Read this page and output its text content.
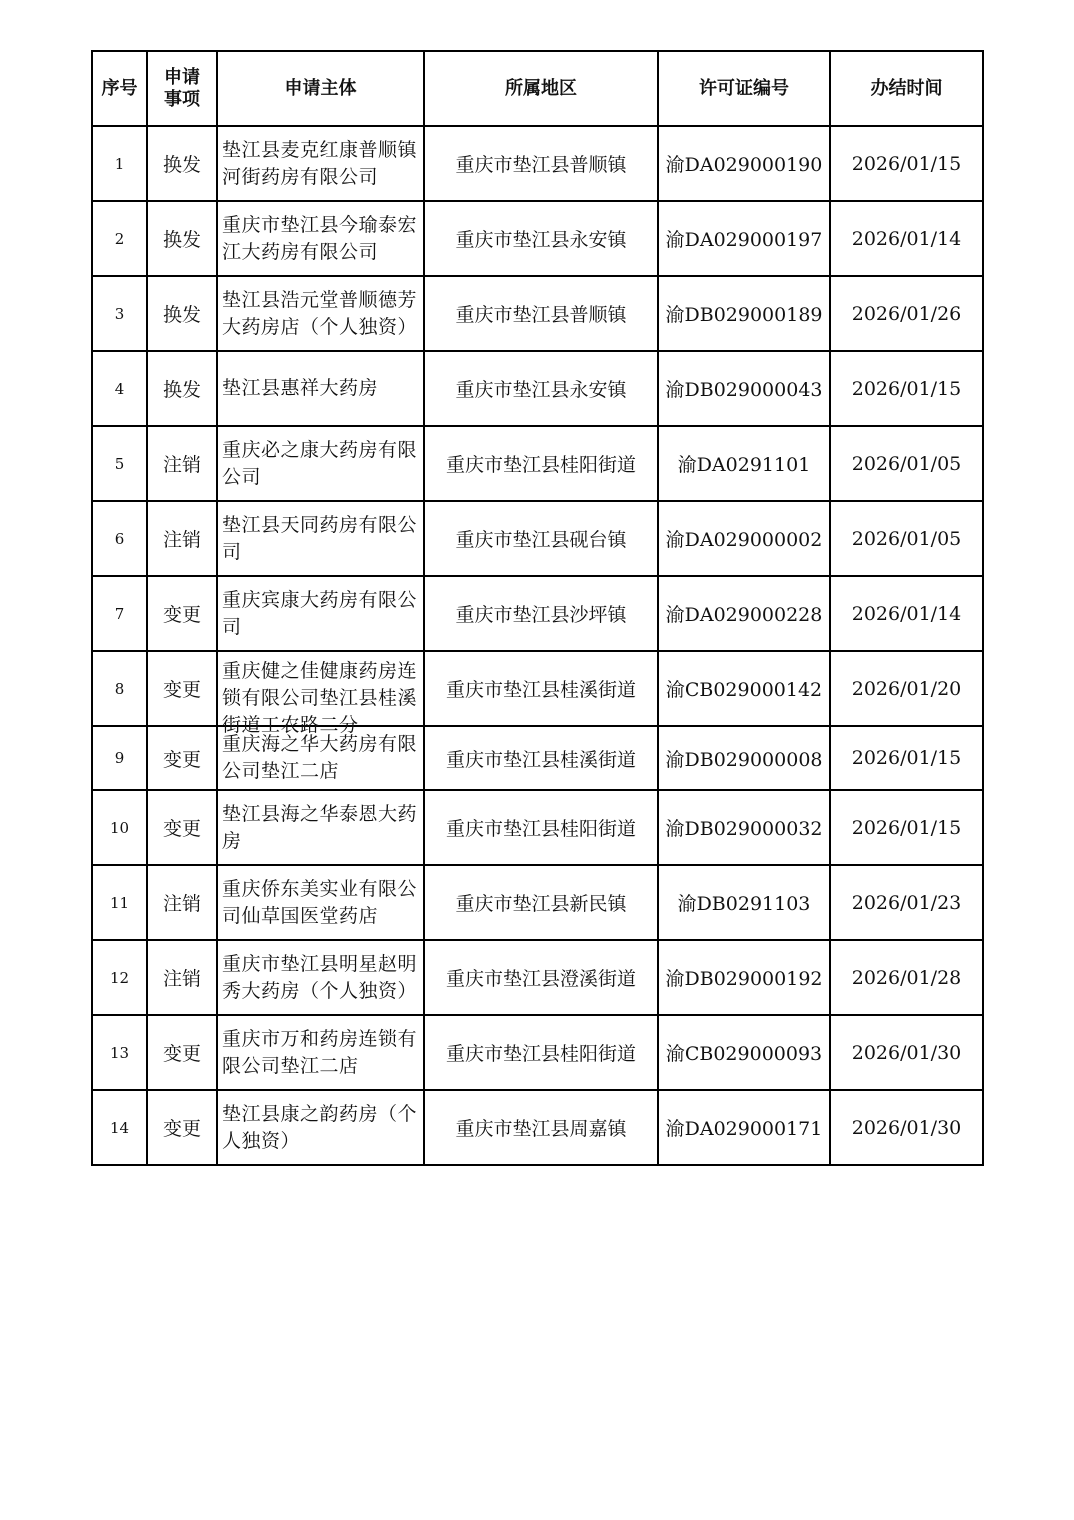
序号	申请事项	申请主体	所属地区	许可证编号	办结时间
1	换发	垫江县麦克红康普顺镇河街药房有限公司	重庆市垫江县普顺镇	渝DA029000190	2026/01/15
2	换发	重庆市垫江县今瑜泰宏江大药房有限公司	重庆市垫江县永安镇	渝DA029000197	2026/01/14
3	换发	垫江县浩元堂普顺德芳大药房店（个人独资）	重庆市垫江县普顺镇	渝DB029000189	2026/01/26
4	换发	垫江县惠祥大药房	重庆市垫江县永安镇	渝DB029000043	2026/01/15
5	注销	重庆必之康大药房有限公司	重庆市垫江县桂阳街道	渝DA0291101	2026/01/05
6	注销	垫江县天同药房有限公司	重庆市垫江县砚台镇	渝DA029000002	2026/01/05
7	变更	重庆宾康大药房有限公司	重庆市垫江县沙坪镇	渝DA029000228	2026/01/14
8	变更	重庆健之佳健康药房连锁有限公司垫江县桂溪街道工农路二分	重庆市垫江县桂溪街道	渝CB029000142	2026/01/20
9	变更	重庆海之华大药房有限公司垫江二店	重庆市垫江县桂溪街道	渝DB029000008	2026/01/15
10	变更	垫江县海之华泰恩大药房	重庆市垫江县桂阳街道	渝DB029000032	2026/01/15
11	注销	重庆侨东美实业有限公司仙草国医堂药店	重庆市垫江县新民镇	渝DB0291103	2026/01/23
12	注销	重庆市垫江县明星赵明秀大药房（个人独资）	重庆市垫江县澄溪街道	渝DB029000192	2026/01/28
13	变更	重庆市万和药房连锁有限公司垫江二店	重庆市垫江县桂阳街道	渝CB029000093	2026/01/30
14	变更	垫江县康之韵药房（个人独资）	重庆市垫江县周嘉镇	渝DA029000171	2026/01/30
